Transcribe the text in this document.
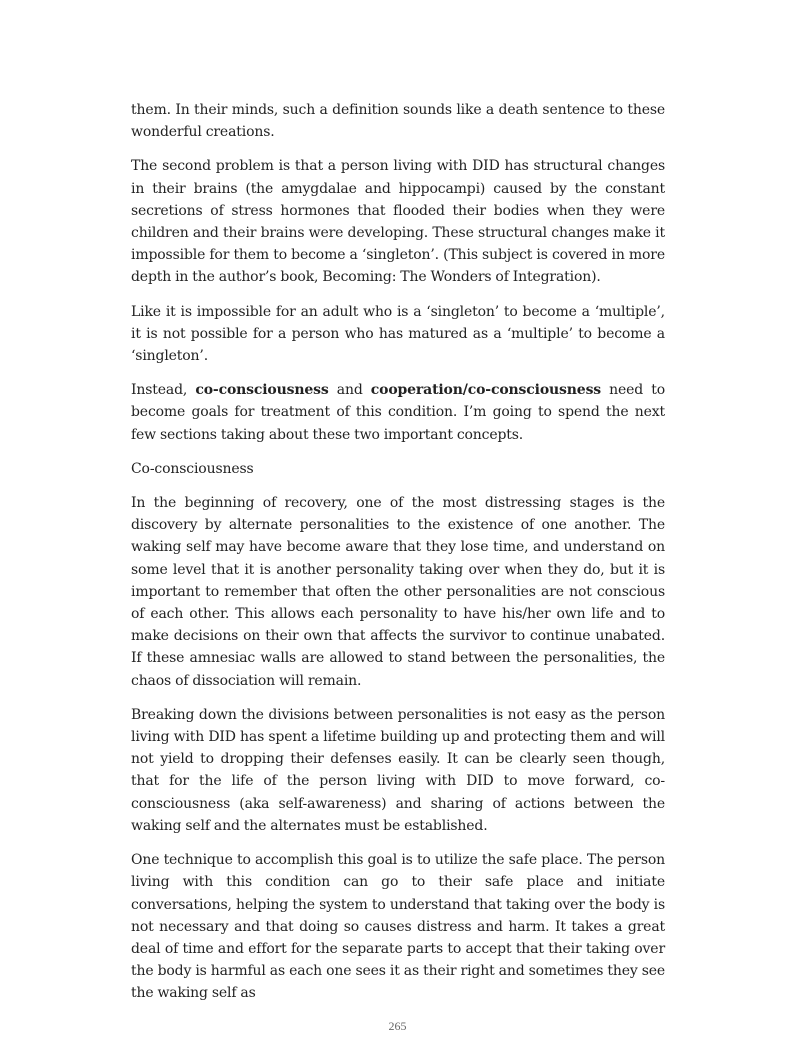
them. In their minds, such a definition sounds like a death sentence to these wonderful creations.

The second problem is that a person living with DID has structural changes in their brains (the amygdalae and hippocampi) caused by the constant secretions of stress hormones that flooded their bodies when they were children and their brains were developing. These structural changes make it impossible for them to become a ‘singleton’. (This subject is covered in more depth in the author’s book, Becoming: The Wonders of Integration).

Like it is impossible for an adult who is a ‘singleton’ to become a ‘multiple’, it is not possible for a person who has matured as a ‘multiple’ to become a ‘singleton’.

Instead, co-consciousness and cooperation/co-consciousness need to become goals for treatment of this condition. I’m going to spend the next few sections taking about these two important concepts.

Co-consciousness

In the beginning of recovery, one of the most distressing stages is the discovery by alternate personalities to the existence of one another. The waking self may have become aware that they lose time, and understand on some level that it is another personality taking over when they do, but it is important to remember that often the other personalities are not conscious of each other. This allows each personality to have his/her own life and to make decisions on their own that affects the survivor to continue unabated. If these amnesiac walls are allowed to stand between the personalities, the chaos of dissociation will remain.

Breaking down the divisions between personalities is not easy as the person living with DID has spent a lifetime building up and protecting them and will not yield to dropping their defenses easily. It can be clearly seen though, that for the life of the person living with DID to move forward, co-consciousness (aka self-awareness) and sharing of actions between the waking self and the alternates must be established.

One technique to accomplish this goal is to utilize the safe place. The person living with this condition can go to their safe place and initiate conversations, helping the system to understand that taking over the body is not necessary and that doing so causes distress and harm. It takes a great deal of time and effort for the separate parts to accept that their taking over the body is harmful as each one sees it as their right and sometimes they see the waking self as

265
